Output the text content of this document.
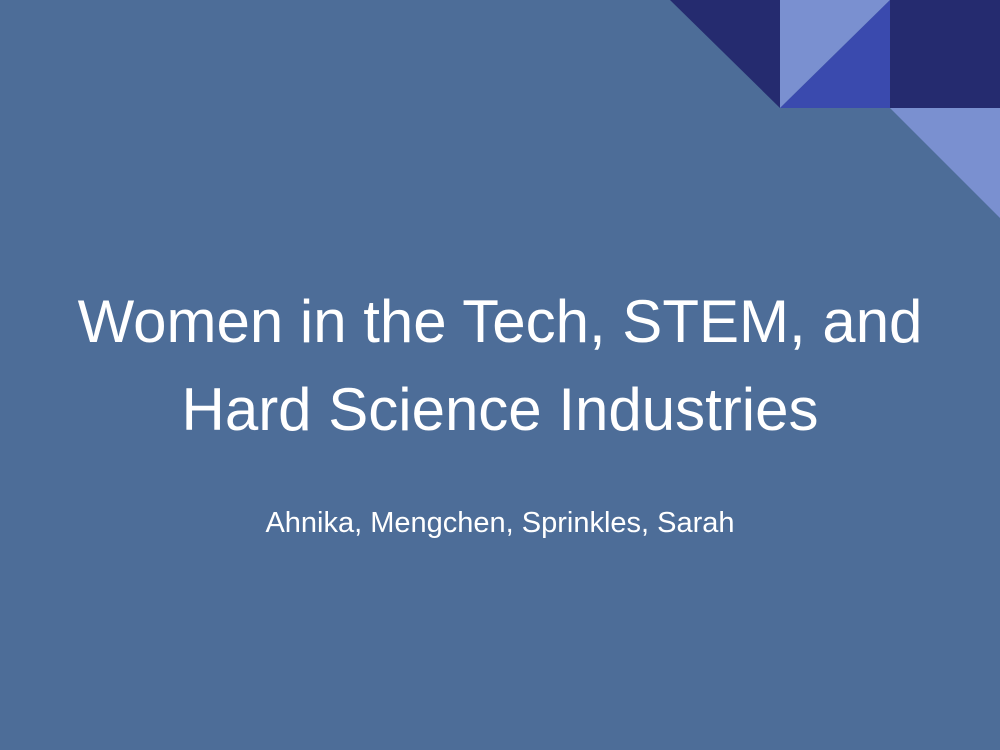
Women in the Tech, STEM, and
Hard Science Industries

Ahnika, Mengchen, Sprinkles, Sarah
